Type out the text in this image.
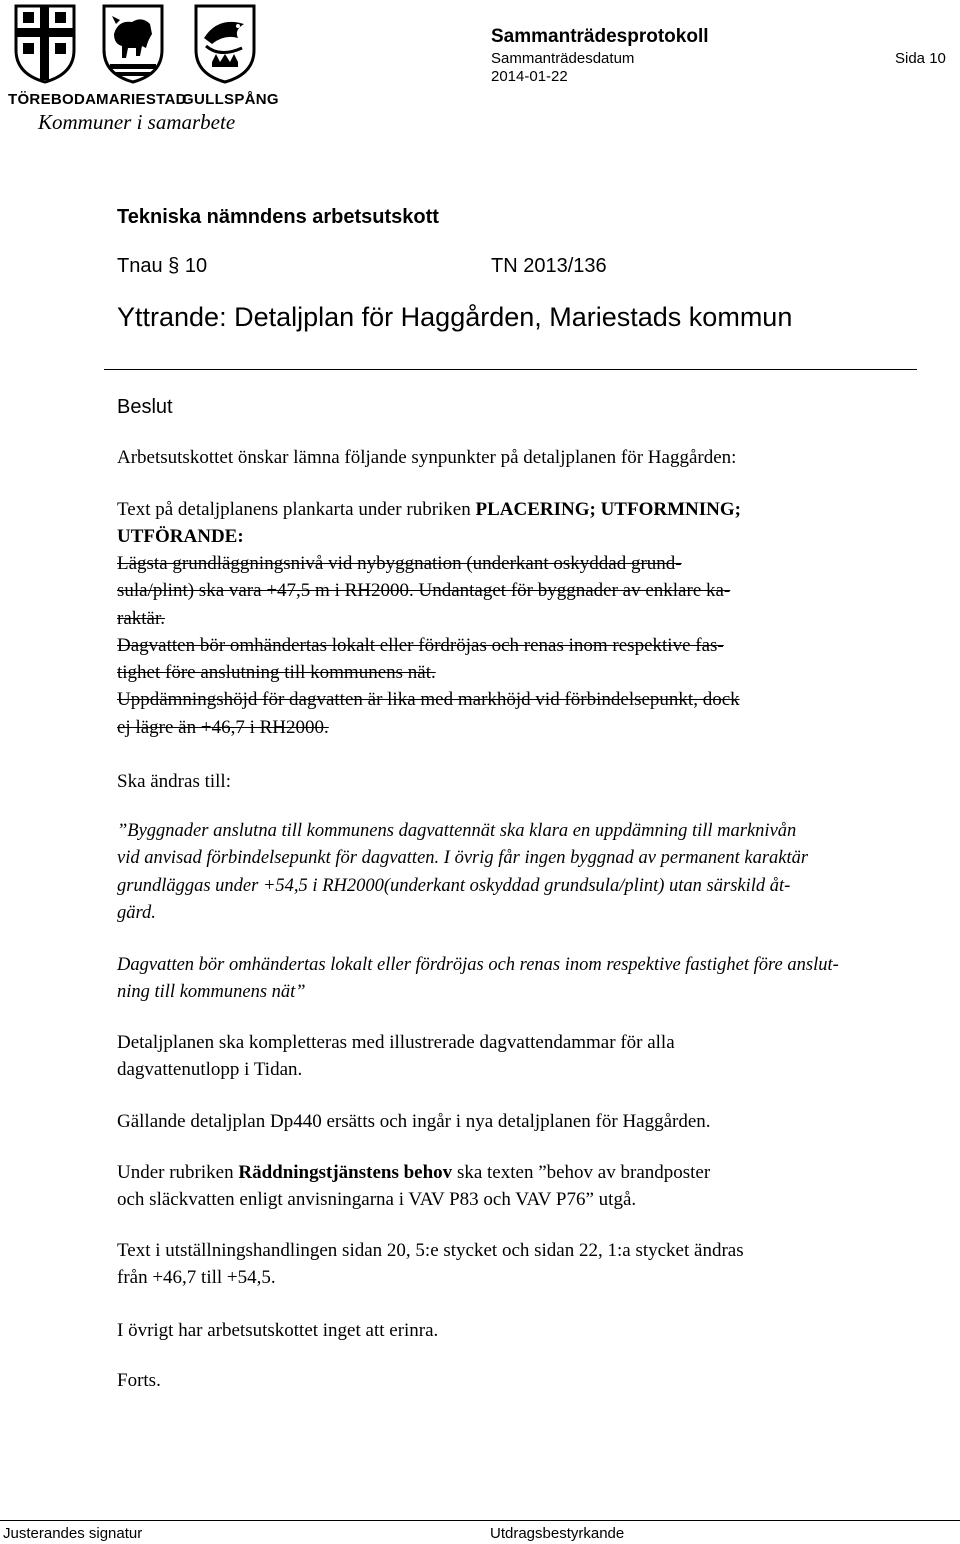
TÖREBODA MARIESTAD
GULLSPÅNG
Kommuner i samarbete
Sammanträdesprotokoll
Sammanträdesdatum
2014-01-22
Sida 10
Tekniska nämndens arbetsutskott
Tnau § 10	TN 2013/136
Yttrande: Detaljplan för Haggården, Mariestads kommun
Beslut
Arbetsutskottet önskar lämna följande synpunkter på detaljplanen för Haggården:
Text på detaljplanens plankarta under rubriken PLACERING; UTFORMNING;
UTFÖRANDE:
Lägsta grundläggningsnivå vid nybyggnation (underkant oskyddad grund-
sula/plint) ska vara +47,5 m i RH2000. Undantaget för byggnader av enklare ka-
raktär.
Dagvatten bör omhändertas lokalt eller fördröjas och renas inom respektive fas-
tighet före anslutning till kommunens nät.
Uppdämningshöjd för dagvatten är lika med markhöjd vid förbindelsepunkt, dock
ej lägre än +46,7 i RH2000.
Ska ändras till:
”Byggnader anslutna till kommunens dagvattennät ska klara en uppdämning till marknivån
vid anvisad förbindelsepunkt för dagvatten. I övrig får ingen byggnad av permanent karaktär
grundläggas under +54,5 i RH2000(underkant oskyddad grundsula/plint) utan särskild åt-
gärd.
Dagvatten bör omhändertas lokalt eller fördröjas och renas inom respektive fastighet före anslut-
ning till kommunens nät”
Detaljplanen ska kompletteras med illustrerade dagvattendammar för alla
dagvattenutlopp i Tidan.
Gällande detaljplan Dp440 ersätts och ingår i nya detaljplanen för Haggården.
Under rubriken Räddningstjänstens behov ska texten ”behov av brandposter
och släckvatten enligt anvisningarna i VAV P83 och VAV P76” utgå.
Text i utställningshandlingen sidan 20, 5:e stycket och sidan 22, 1:a stycket ändras
från +46,7 till +54,5.
I övrigt har arbetsutskottet inget att erinra.
Forts.
Justerandes signatur	Utdragsbestyrkande
